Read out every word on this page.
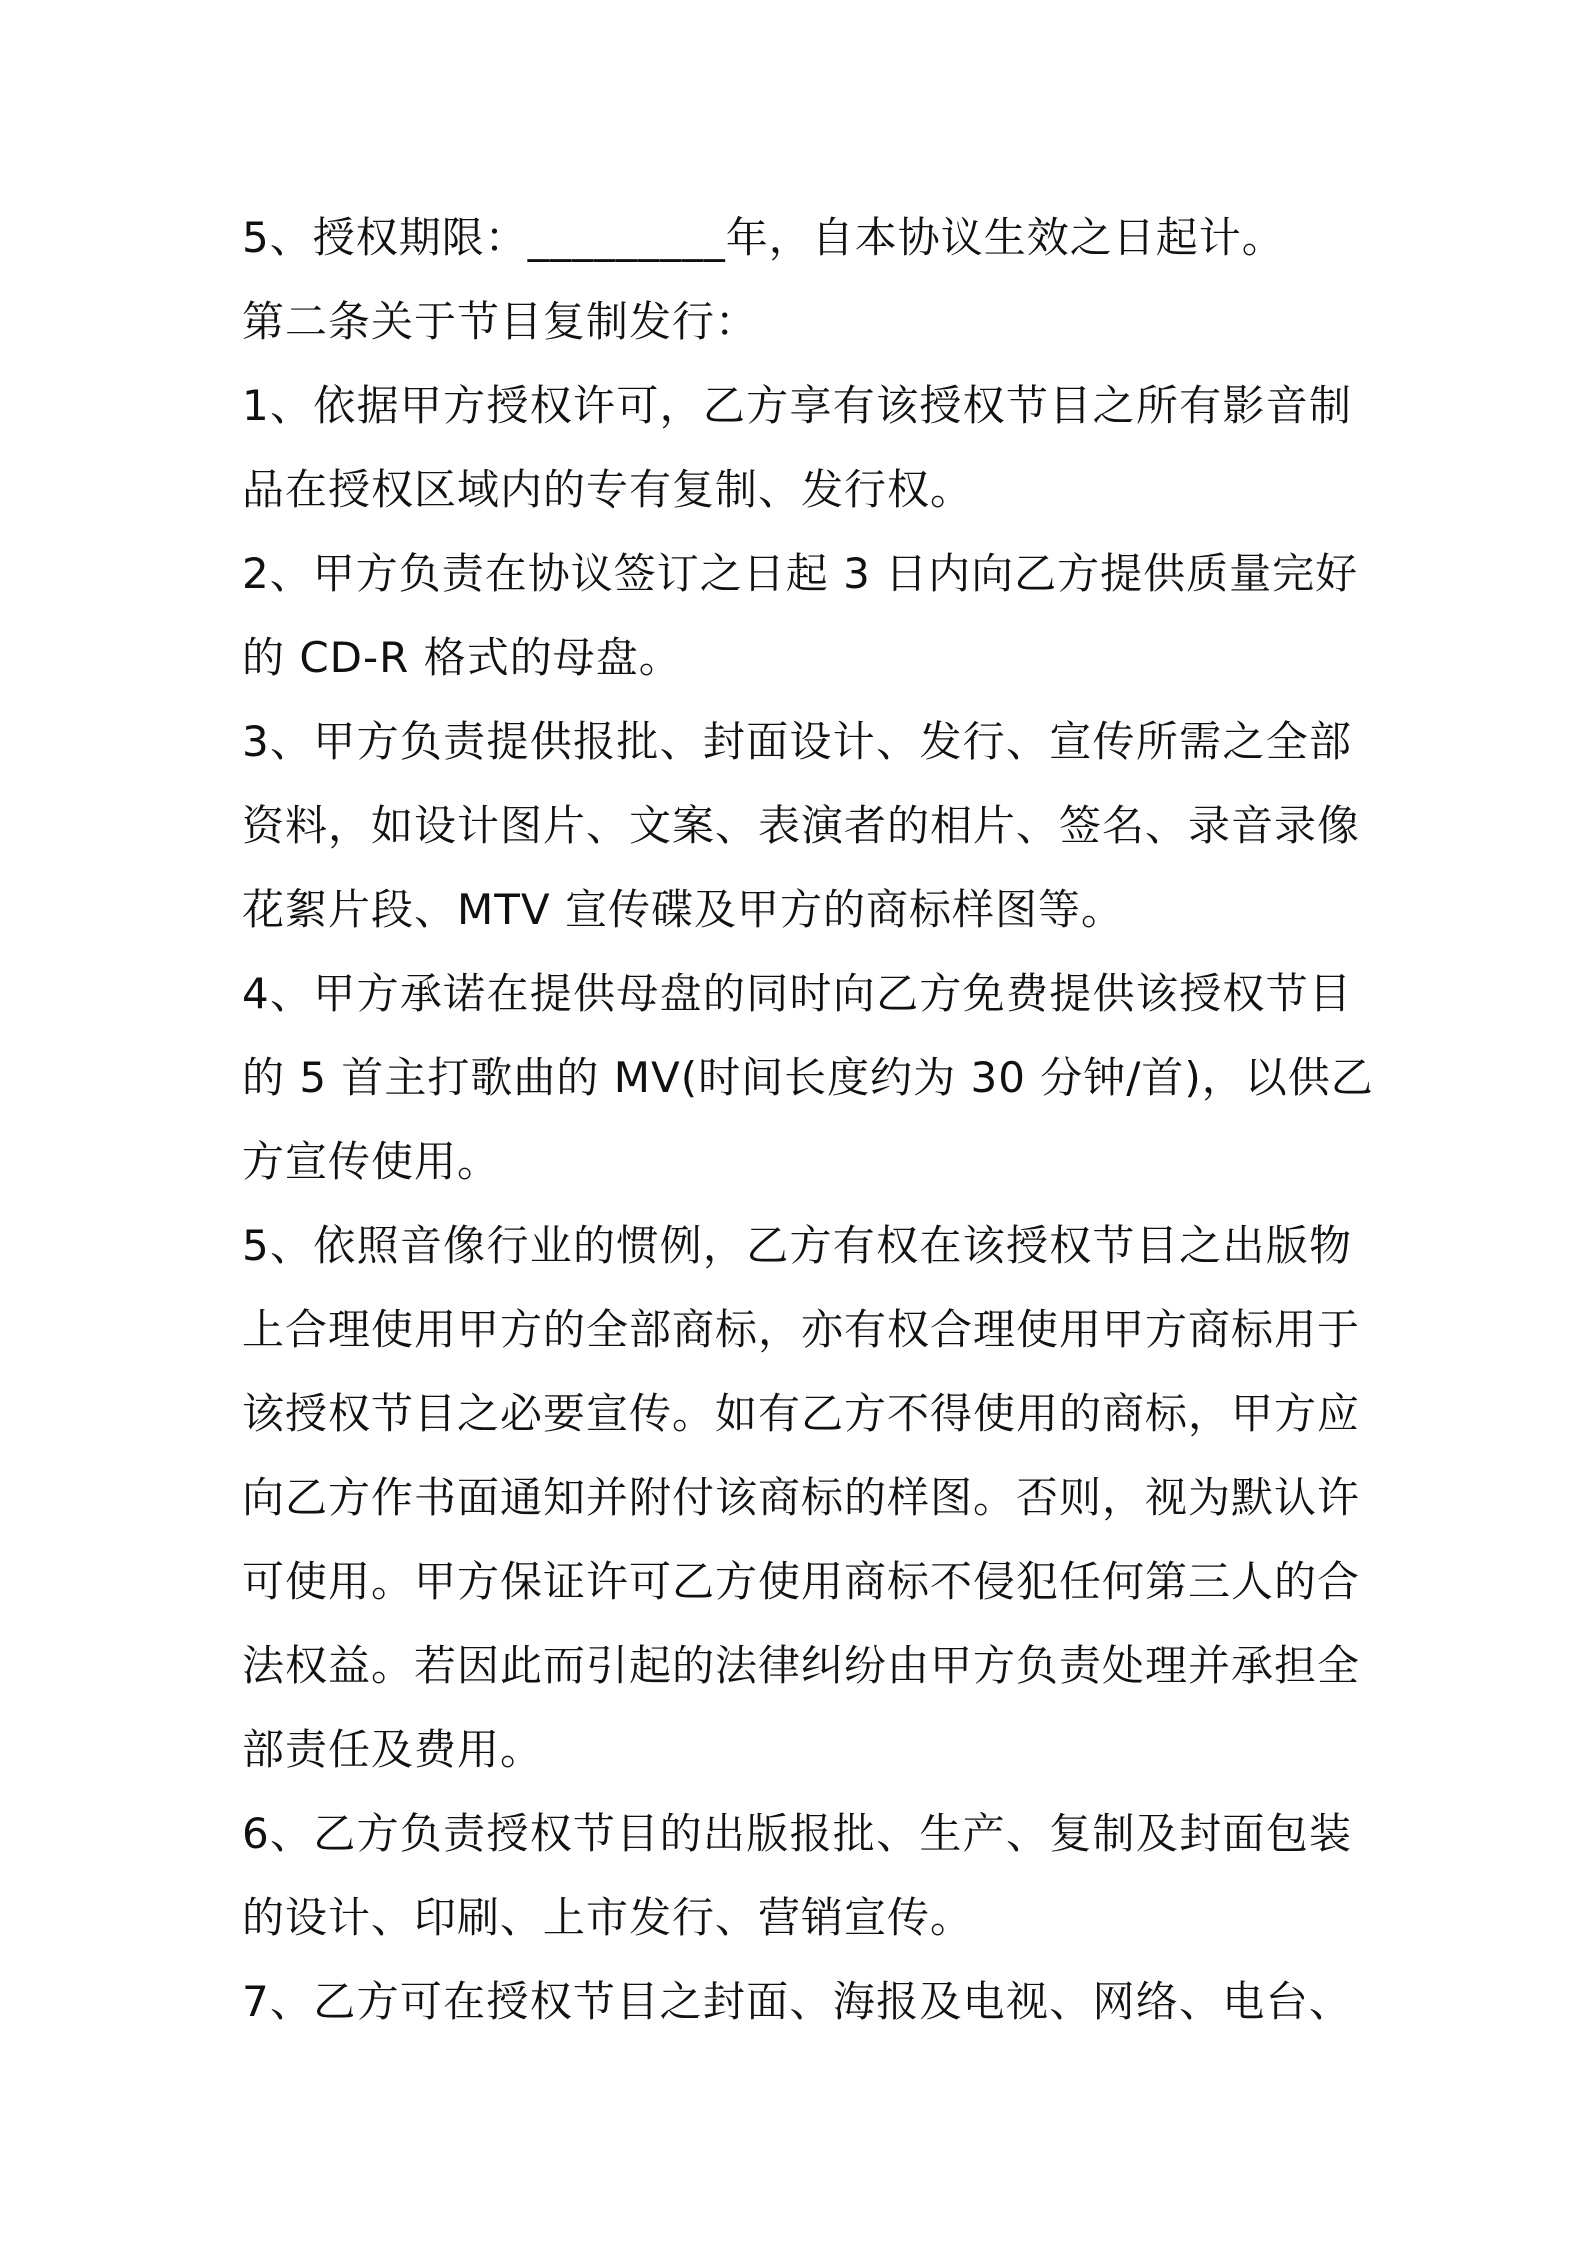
5、授权期限：_________年，自本协议生效之日起计。
第二条关于节目复制发行：
1、依据甲方授权许可，乙方享有该授权节目之所有影音制
品在授权区域内的专有复制、发行权。
2、甲方负责在协议签订之日起 3 日内向乙方提供质量完好
的 CD-R 格式的母盘。
3、甲方负责提供报批、封面设计、发行、宣传所需之全部
资料，如设计图片、文案、表演者的相片、签名、录音录像
花絮片段、MTV 宣传碟及甲方的商标样图等。
4、甲方承诺在提供母盘的同时向乙方免费提供该授权节目
的 5 首主打歌曲的 MV(时间长度约为 30 分钟/首)，以供乙
方宣传使用。
5、依照音像行业的惯例，乙方有权在该授权节目之出版物
上合理使用甲方的全部商标，亦有权合理使用甲方商标用于
该授权节目之必要宣传。如有乙方不得使用的商标，甲方应
向乙方作书面通知并附付该商标的样图。否则，视为默认许
可使用。甲方保证许可乙方使用商标不侵犯任何第三人的合
法权益。若因此而引起的法律纠纷由甲方负责处理并承担全
部责任及费用。
6、乙方负责授权节目的出版报批、生产、复制及封面包装
的设计、印刷、上市发行、营销宣传。
7、乙方可在授权节目之封面、海报及电视、网络、电台、
